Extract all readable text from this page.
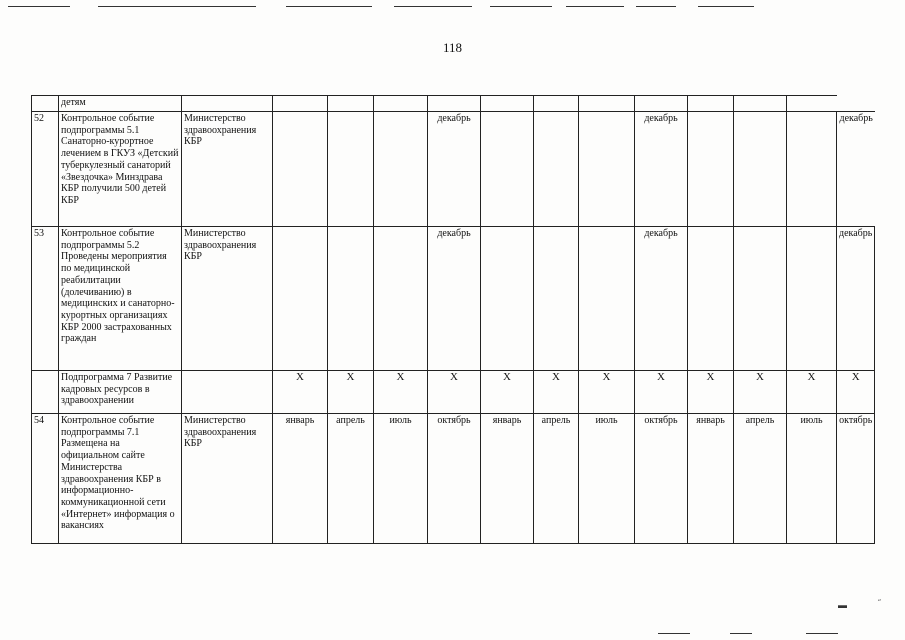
118
	детям													
52	Контрольное событие подпрограммы 5.1 Санаторно-курортное лечением в ГКУЗ «Детский туберкулезный санаторий «Звездочка» Минздрава КБР получили 500 детей КБР	Министерство здравоохранения КБР				декабрь				декабрь				декабрь
53	Контрольное событие подпрограммы 5.2 Проведены мероприятия по медицинской реабилитации (долечиванию) в медицинских и санаторно-курортных организациях КБР 2000 застрахованных граждан	Министерство здравоохранения КБР				декабрь				декабрь				декабрь
	Подпрограмма 7 Развитие кадровых ресурсов в здравоохранении		Х	Х	Х	Х	Х	Х	Х	Х	Х	Х	Х	Х
54	Контрольное событие подпрограммы 7.1 Размещена на официальном сайте Министерства здравоохранения КБР в информационно-коммуникационной сети «Интернет» информация о вакансиях	Министерство здравоохранения КБР	январь	апрель	июль	октябрь	январь	апрель	июль	октябрь	январь	апрель	июль	октябрь
▬	˝
